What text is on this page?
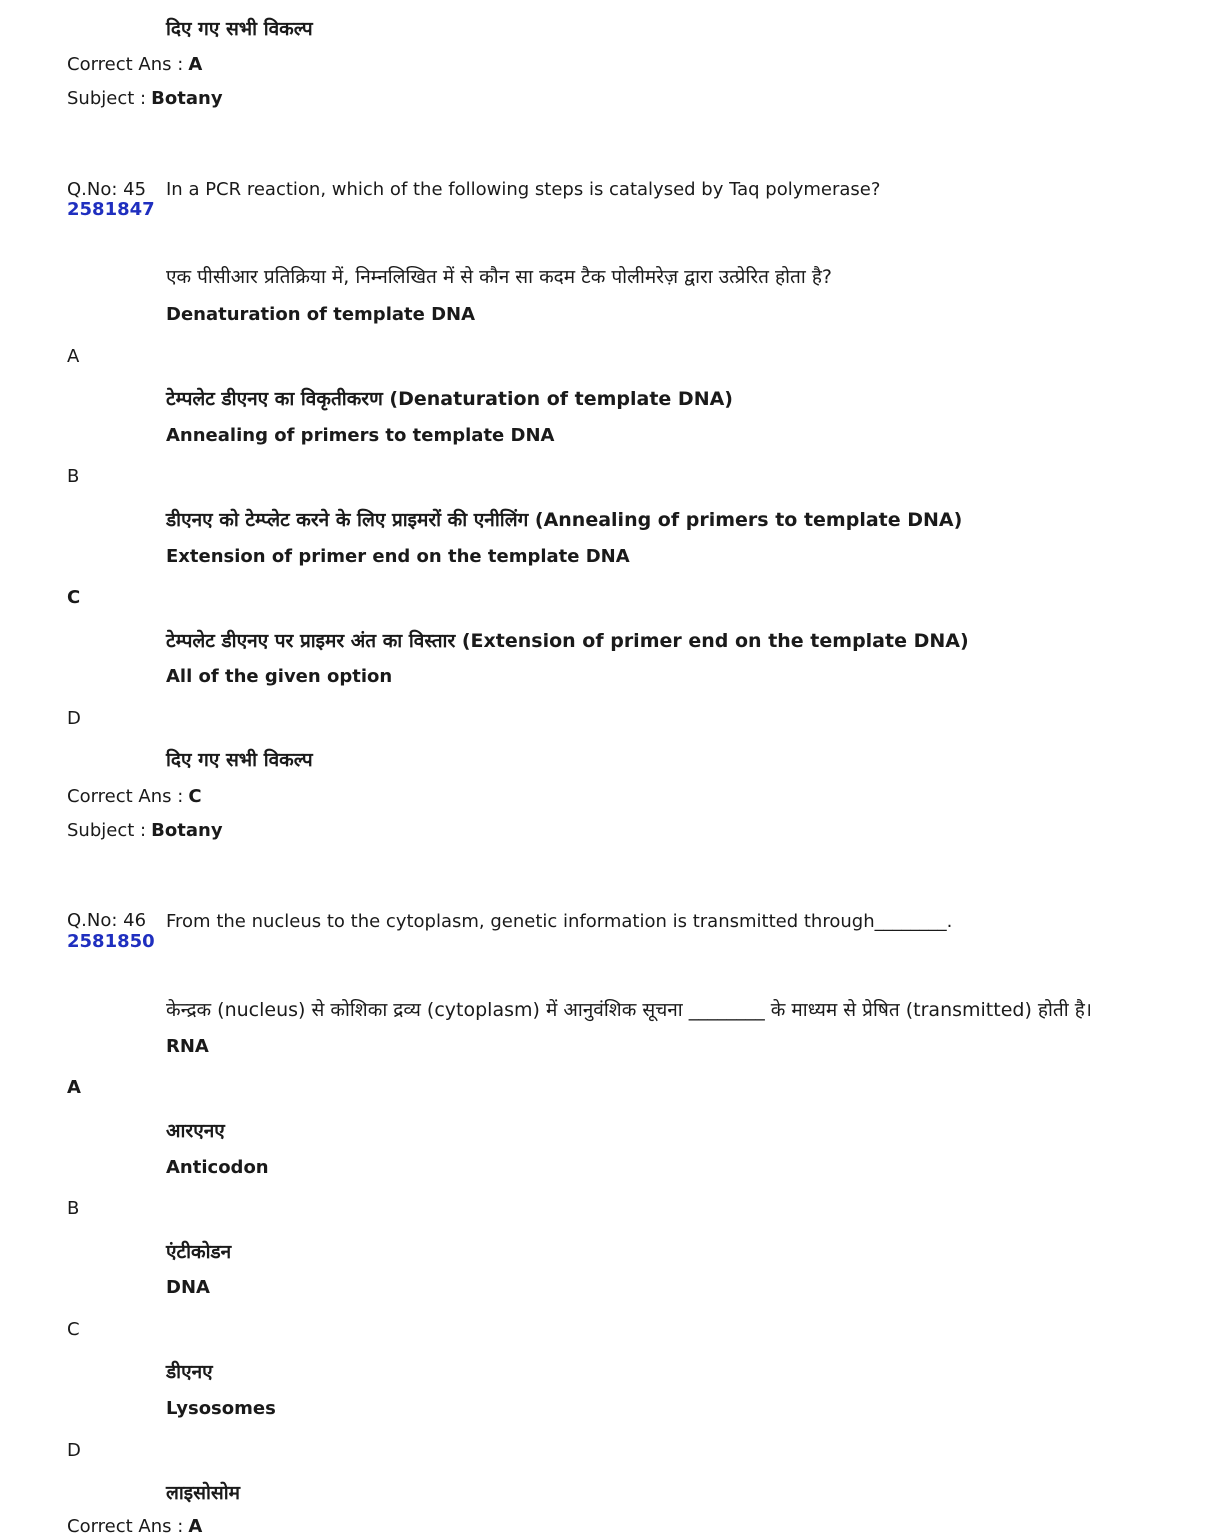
दिए गए सभी विकल्प
Correct Ans : A
Subject : Botany
Q.No: 45
2581847
In a PCR reaction, which of the following steps is catalysed by Taq polymerase?
एक पीसीआर प्रतिक्रिया में, निम्नलिखित में से कौन सा कदम टैक पोलीमरेज़ द्वारा उत्प्रेरित होता है?
Denaturation of template DNA
A
टेम्पलेट डीएनए का विकृतीकरण (Denaturation of template DNA)
Annealing of primers to template DNA
B
डीएनए को टेम्प्लेट करने के लिए प्राइमरों की एनीलिंग (Annealing of primers to template DNA)
Extension of primer end on the template DNA
C
टेम्पलेट डीएनए पर प्राइमर अंत का विस्तार (Extension of primer end on the template DNA)
All of the given option
D
दिए गए सभी विकल्प
Correct Ans : C
Subject : Botany
Q.No: 46
2581850
From the nucleus to the cytoplasm, genetic information is transmitted through________.
केन्द्रक (nucleus) से कोशिका द्रव्य (cytoplasm) में आनुवंशिक सूचना ________ के माध्यम से प्रेषित (transmitted) होती है।
RNA
A
आरएनए
Anticodon
B
एंटीकोडन
DNA
C
डीएनए
Lysosomes
D
लाइसोसोम
Correct Ans : A
